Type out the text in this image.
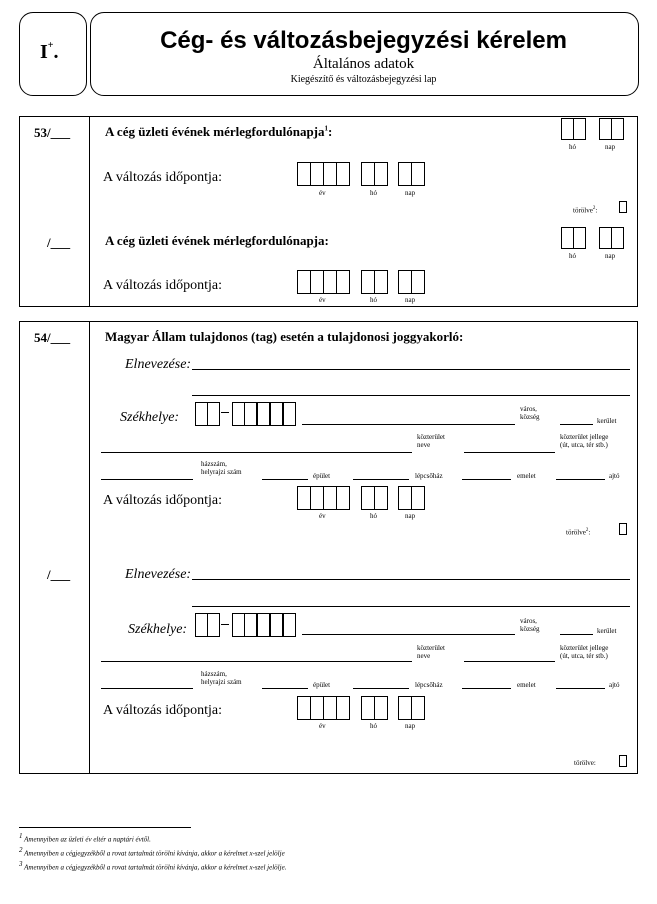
I+.	Cég- és változásbejegyzési kérelem
Általános adatok
Kiegészítő és változásbejegyzési lap
53/___	A cég üzleti évének mérlegfordulónapja$^1$:
hó	nap
A változás időpontja:
év	hó	nap
törölve$^2$:
/___	A cég üzleti évének mérlegfordulónapja:
hó	nap
A változás időpontja:
év	hó	nap
54/___	Magyar Állam tulajdonos (tag) esetén a tulajdonosi joggyakorló:
Elnevezése:
Székhelye:
város,
község	kerület
közterület
neve
közterület jellege
(út, utca, tér stb.)
házszám,
helyrajzi szám	épület	lépcsőház	emelet	ajtó
A változás időpontja:
év	hó	nap
törölve$^2$:
/___	Elnevezése:
Székhelye:
város,
község	kerület
közterület
neve
közterület jellege
(út, utca, tér stb.)
házszám,
helyrajzi szám	épület	lépcsőház	emelet	ajtó
A változás időpontja:
év	hó	nap
törölve:
$^1$ Amennyiben az üzleti év eltér a naptári évtől.
$^2$ Amennyiben a cégjegyzékből a rovat tartalmát törölni kívánja, akkor a kérelmet x-szel jelölje
$^3$ Amennyiben a cégjegyzékből a rovat tartalmát törölni kívánja, akkor a kérelmet x-szel jelölje.
